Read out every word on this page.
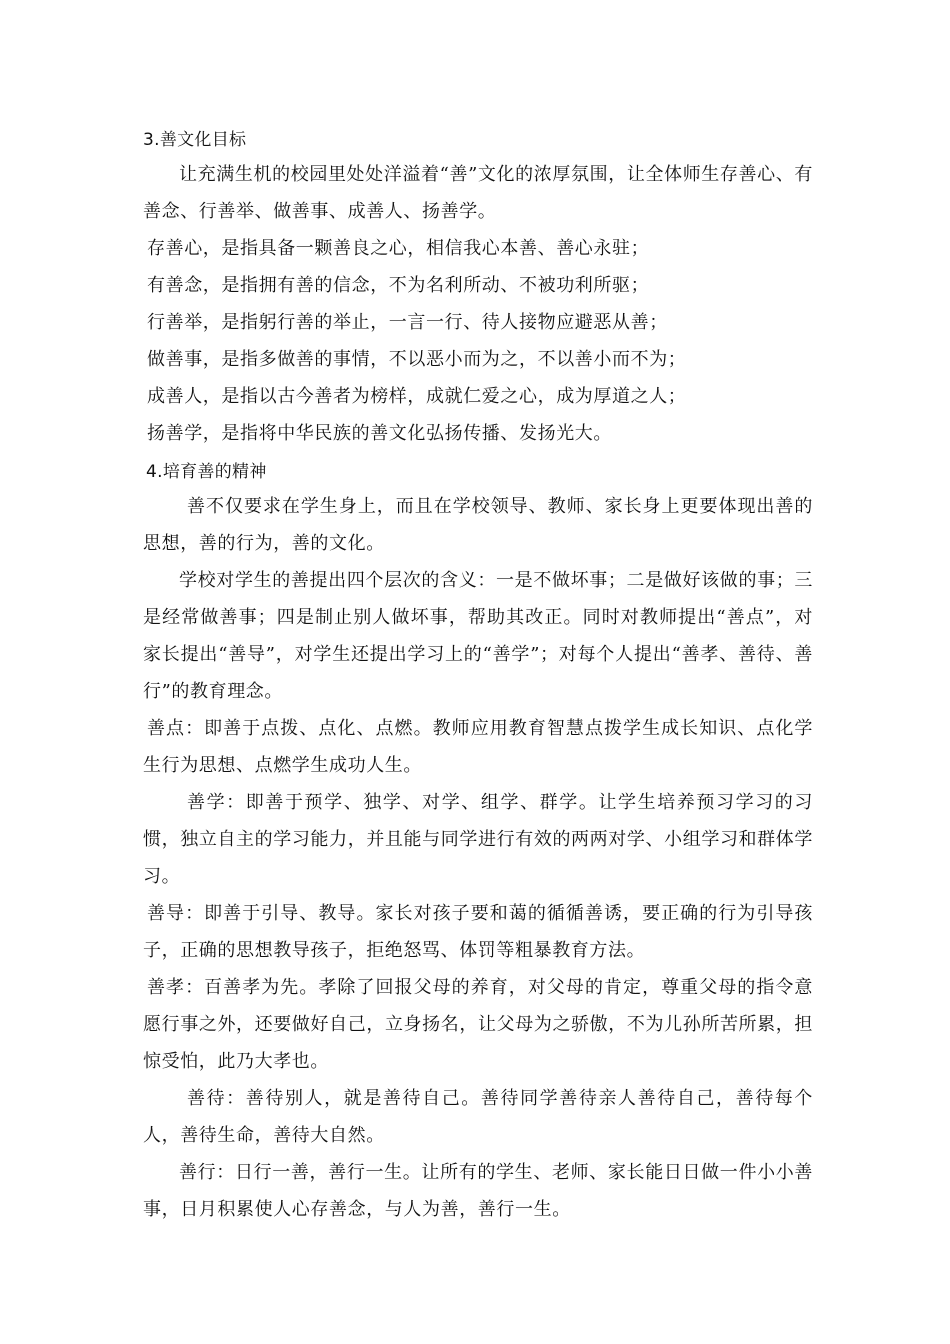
3.善文化目标

让充满生机的校园里处处洋溢着“善”文化的浓厚氛围，让全体师生存善心、有善念、行善举、做善事、成善人、扬善学。

存善心，是指具备一颗善良之心，相信我心本善、善心永驻；

有善念，是指拥有善的信念，不为名利所动、不被功利所驱；

行善举，是指躬行善的举止，一言一行、待人接物应避恶从善；

做善事，是指多做善的事情，不以恶小而为之，不以善小而不为；

成善人，是指以古今善者为榜样，成就仁爱之心，成为厚道之人；

扬善学，是指将中华民族的善文化弘扬传播、发扬光大。

4.培育善的精神

善不仅要求在学生身上，而且在学校领导、教师、家长身上更要体现出善的思想，善的行为，善的文化。

学校对学生的善提出四个层次的含义：一是不做坏事；二是做好该做的事；三是经常做善事；四是制止别人做坏事，帮助其改正。同时对教师提出“善点”，对家长提出“善导”，对学生还提出学习上的“善学”；对每个人提出“善孝、善待、善行”的教育理念。

善点：即善于点拨、点化、点燃。教师应用教育智慧点拨学生成长知识、点化学生行为思想、点燃学生成功人生。

善学：即善于预学、独学、对学、组学、群学。让学生培养预习学习的习惯，独立自主的学习能力，并且能与同学进行有效的两两对学、小组学习和群体学习。

善导：即善于引导、教导。家长对孩子要和蔼的循循善诱，要正确的行为引导孩子，正确的思想教导孩子，拒绝怒骂、体罚等粗暴教育方法。

善孝：百善孝为先。孝除了回报父母的养育，对父母的肯定，尊重父母的指令意愿行事之外，还要做好自己，立身扬名，让父母为之骄傲，不为儿孙所苦所累，担惊受怕，此乃大孝也。

善待：善待别人，就是善待自己。善待同学善待亲人善待自己，善待每个人，善待生命，善待大自然。

善行：日行一善，善行一生。让所有的学生、老师、家长能日日做一件小小善事，日月积累使人心存善念，与人为善，善行一生。
